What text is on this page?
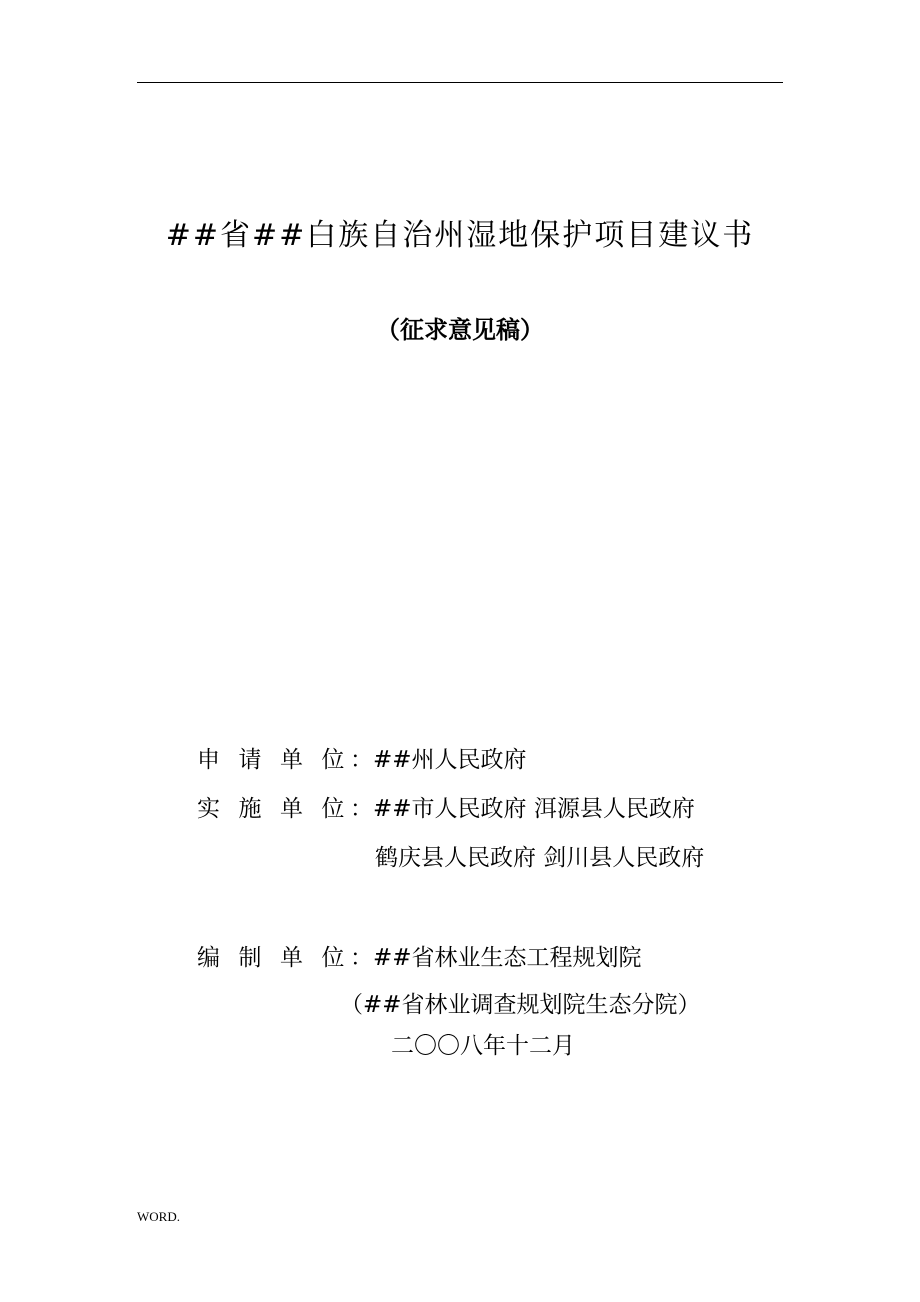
##省##白族自治州湿地保护项目建议书
（征求意见稿）
申 请 单 位：##州人民政府
实 施 单 位：##市人民政府 洱源县人民政府
鹤庆县人民政府 剑川县人民政府
编 制 单 位：##省林业生态工程规划院
（##省林业调查规划院生态分院）
二〇〇八年十二月
WORD.
